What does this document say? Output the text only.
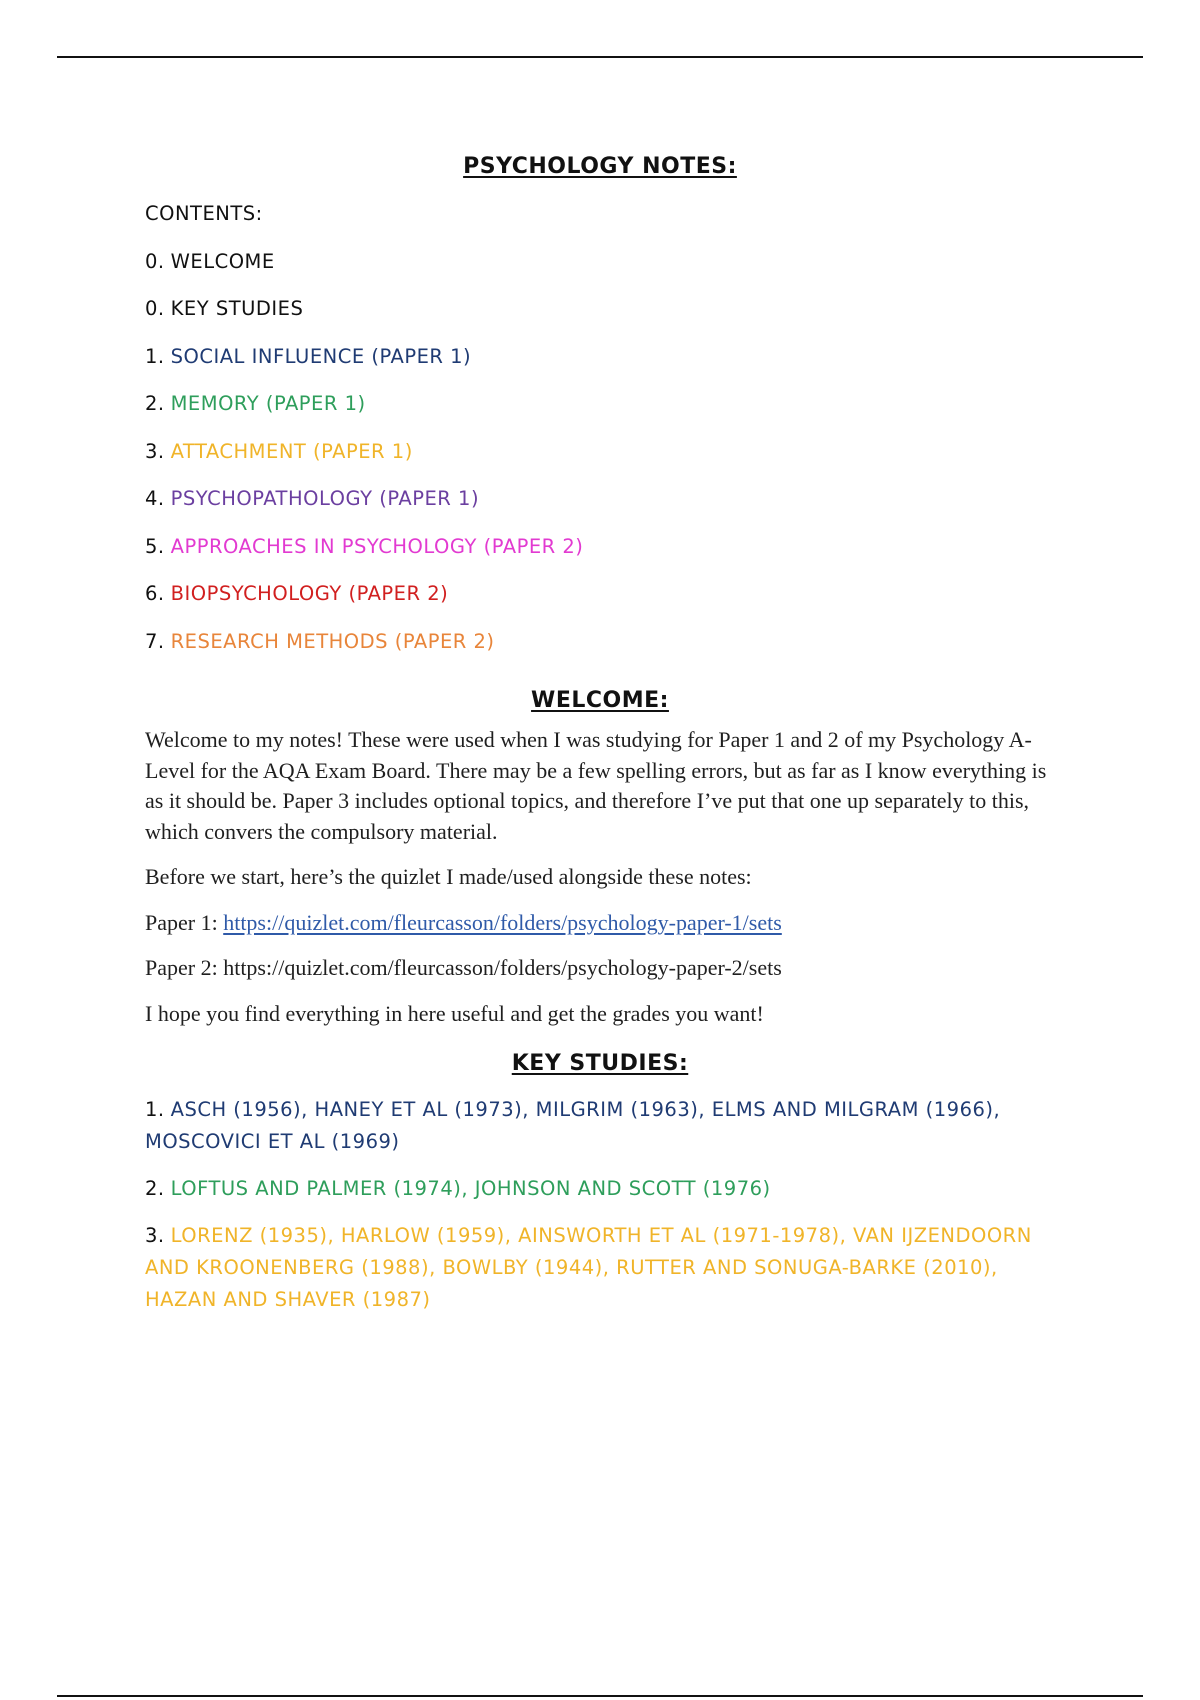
PSYCHOLOGY NOTES:
CONTENTS:
0. WELCOME
0. KEY STUDIES
1. SOCIAL INFLUENCE (PAPER 1)
2. MEMORY (PAPER 1)
3. ATTACHMENT (PAPER 1)
4. PSYCHOPATHOLOGY (PAPER 1)
5. APPROACHES IN PSYCHOLOGY (PAPER 2)
6. BIOPSYCHOLOGY (PAPER 2)
7. RESEARCH METHODS (PAPER 2)
WELCOME:

Welcome to my notes! These were used when I was studying for Paper 1 and 2 of my Psychology A-Level for the AQA Exam Board. There may be a few spelling errors, but as far as I know everything is as it should be. Paper 3 includes optional topics, and therefore I’ve put that one up separately to this, which convers the compulsory material.

Before we start, here’s the quizlet I made/used alongside these notes:

Paper 1: https://quizlet.com/fleurcasson/folders/psychology-paper-1/sets

Paper 2: https://quizlet.com/fleurcasson/folders/psychology-paper-2/sets

I hope you find everything in here useful and get the grades you want!

KEY STUDIES:

1. ASCH (1956), HANEY ET AL (1973), MILGRIM (1963), ELMS AND MILGRAM (1966), MOSCOVICI ET AL (1969)

2. LOFTUS AND PALMER (1974), JOHNSON AND SCOTT (1976)

3. LORENZ (1935), HARLOW (1959), AINSWORTH ET AL (1971-1978), VAN IJZENDOORN AND KROONENBERG (1988), BOWLBY (1944), RUTTER AND SONUGA-BARKE (2010), HAZAN AND SHAVER (1987)
